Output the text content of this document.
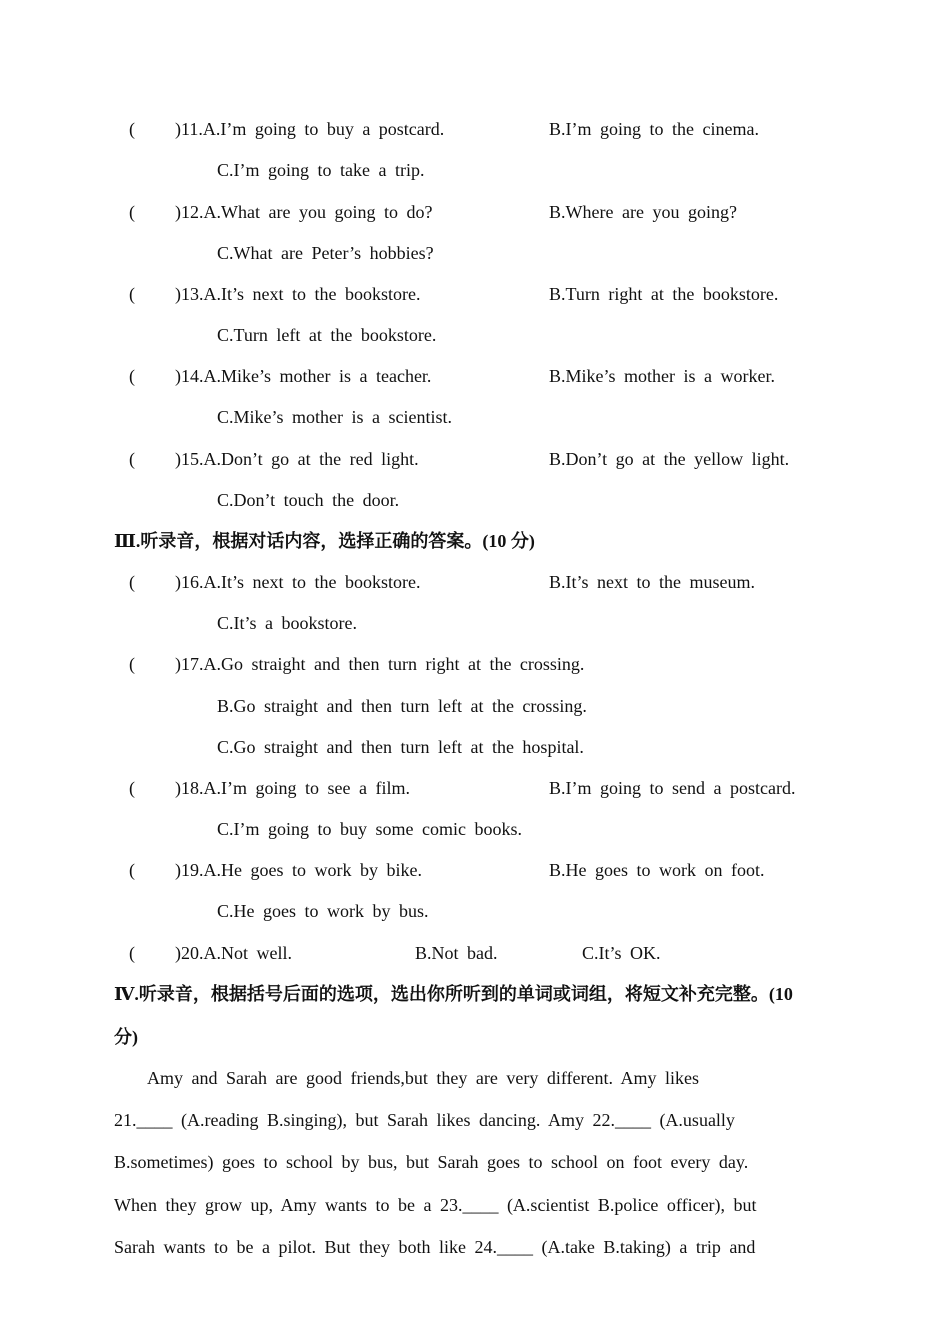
( )11.A.I’m going to buy a postcard.	B.I’m going to the cinema.
C.I’m going to take a trip.
( )12.A.What are you going to do?	B.Where are you going?
C.What are Peter’s hobbies?
( )13.A.It’s next to the bookstore.	B.Turn right at the bookstore.
C.Turn left at the bookstore.
( )14.A.Mike’s mother is a teacher.	B.Mike’s mother is a worker.
C.Mike’s mother is a scientist.
( )15.A.Don’t go at the red light.	B.Don’t go at the yellow light.
C.Don’t touch the door.
Ⅲ.听录音，根据对话内容，选择正确的答案。(10 分)
( )16.A.It’s next to the bookstore.	B.It’s next to the museum.
C.It’s a bookstore.
( )17.A.Go straight and then turn right at the crossing.
B.Go straight and then turn left at the crossing.
C.Go straight and then turn left at the hospital.
( )18.A.I’m going to see a film.	B.I’m going to send a postcard.
C.I’m going to buy some comic books.
( )19.A.He goes to work by bike.	B.He goes to work on foot.
C.He goes to work by bus.
( )20.A.Not well.	B.Not bad.	C.It’s OK.
Ⅳ.听录音，根据括号后面的选项，选出你所听到的单词或词组，将短文补充完整。(10
分)
Amy and Sarah are good friends,but they are very different. Amy likes
21.____ (A.reading B.singing), but Sarah likes dancing. Amy 22.____ (A.usually
B.sometimes) goes to school by bus, but Sarah goes to school on foot every day.
When they grow up, Amy wants to be a 23.____ (A.scientist B.police officer), but
Sarah wants to be a pilot. But they both like 24.____ (A.take B.taking) a trip and
